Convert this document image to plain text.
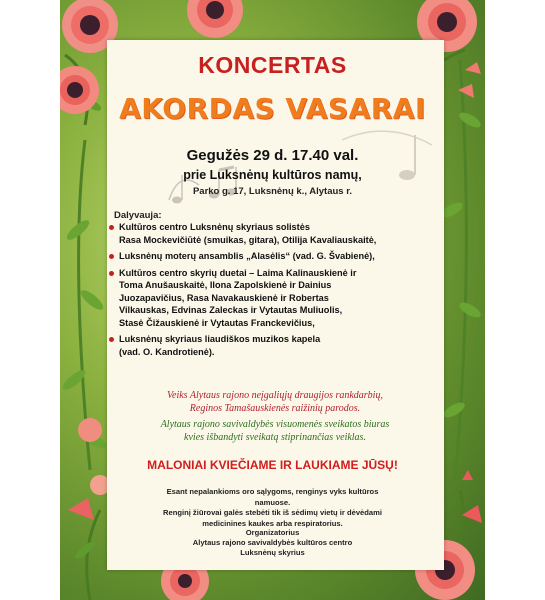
KONCERTAS
AKORDAS VASARAI
Gegužės 29 d. 17.40 val.
prie Luksnėnų kultūros namų,
Parko g. 17, Luksnėnų k., Alytaus r.
Dalyvauja:
Kultūros centro Luksnėnų skyriaus solistės
Rasa Mockevičiūtė (smuikas, gitara), Otilija Kavaliauskaitė,
Luksnėnų moterų ansamblis „Alasėlis“ (vad. G. Švabienė),
Kultūros centro skyrių duetai – Laima Kalinauskienė ir
Toma Anušauskaitė, Ilona Zapolskienė ir Dainius
Juozapavičius, Rasa Navakauskienė ir Robertas
Vilkauskas, Edvinas Zaleckas ir Vytautas Muliuolis,
Stasė Čižauskienė ir Vytautas Franckevičius,
Luksnėnų skyriaus liaudiškos muzikos kapela
(vad. O. Kandrotienė).
Veiks Alytaus rajono neįgaliųjų draugijos rankdarbių,
Reginos Tamašauskienės raižinių parodos.
Alytaus rajono savivaldybės visuomenės sveikatos biuras
kvies išbandyti sveikatą stiprinančias veiklas.
MALONIAI KVIEČIAME IR LAUKIAME JŪSŲ!
Esant nepalankioms oro sąlygoms, renginys vyks kultūros namuose.
Renginį žiūrovai galės stebėti tik iš sėdimų vietų ir dėvėdami
medicinines kaukes arba respiratorius.
Organizatorius
Alytaus rajono savivaldybės kultūros centro
Luksnėnų skyrius
